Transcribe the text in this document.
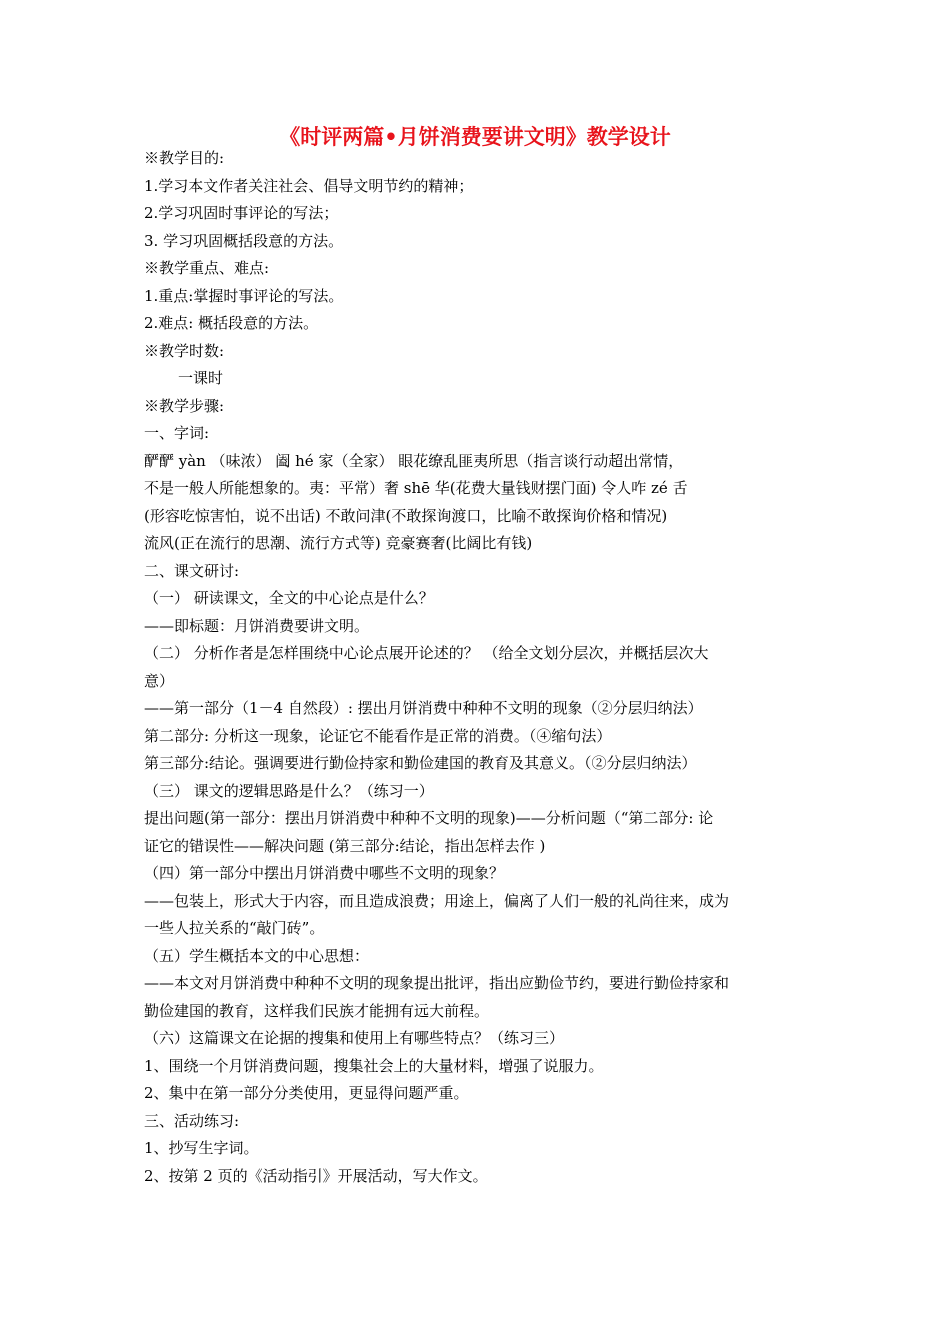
《时评两篇•月饼消费要讲文明》教学设计
※教学目的:
1.学习本文作者关注社会、倡导文明节约的精神；
2.学习巩固时事评论的写法；
3. 学习巩固概括段意的方法。
※教学重点、难点:
1.重点:掌握时事评论的写法。
2.难点: 概括段意的方法。
※教学时数:
一课时
※教学步骤:
一、字词:
酽酽 yàn （味浓） 阖 hé 家（全家） 眼花缭乱匪夷所思（指言谈行动超出常情，
不是一般人所能想象的。夷：平常）奢 shē 华(花费大量钱财摆门面) 令人咋 zé 舌
(形容吃惊害怕，说不出话) 不敢问津(不敢探询渡口，比喻不敢探询价格和情况)
流风(正在流行的思潮、流行方式等) 竞豪赛奢(比阔比有钱)
二、课文研讨:
（一） 研读课文，全文的中心论点是什么？
——即标题：月饼消费要讲文明。
（二） 分析作者是怎样围绕中心论点展开论述的？ （给全文划分层次，并概括层次大
意）
——第一部分（1－4 自然段）: 摆出月饼消费中种种不文明的现象（②分层归纳法）
第二部分: 分析这一现象，论证它不能看作是正常的消费。（④缩句法）
第三部分:结论。强调要进行勤俭持家和勤俭建国的教育及其意义。（②分层归纳法）
（三） 课文的逻辑思路是什么？（练习一）
提出问题(第一部分：摆出月饼消费中种种不文明的现象)——分析问题（“第二部分: 论
证它的错误性——解决问题 (第三部分:结论，指出怎样去作 )
（四）第一部分中摆出月饼消费中哪些不文明的现象？
——包装上，形式大于内容，而且造成浪费；用途上，偏离了人们一般的礼尚往来，成为
一些人拉关系的“敲门砖”。
（五）学生概括本文的中心思想：
——本文对月饼消费中种种不文明的现象提出批评，指出应勤俭节约，要进行勤俭持家和
勤俭建国的教育，这样我们民族才能拥有远大前程。
（六）这篇课文在论据的搜集和使用上有哪些特点？（练习三）
1、围绕一个月饼消费问题，搜集社会上的大量材料，增强了说服力。
2、集中在第一部分分类使用，更显得问题严重。
三、活动练习:
1、抄写生字词。
2、按第 2 页的《活动指引》开展活动，写大作文。
